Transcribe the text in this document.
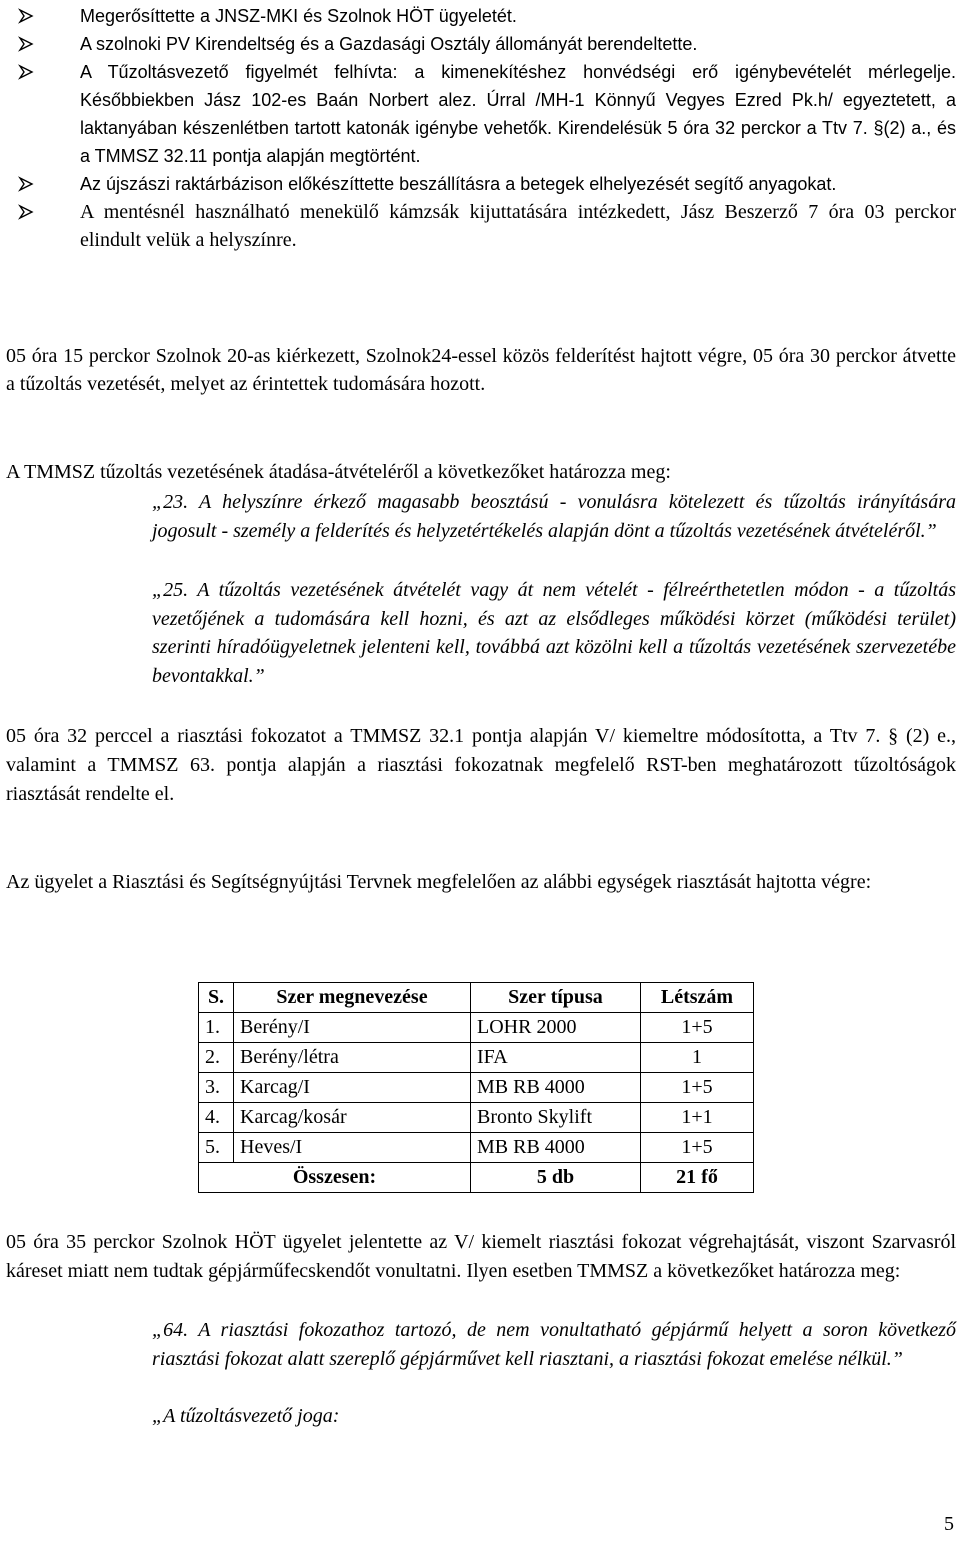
Megerősíttette a JNSZ-MKI és Szolnok HÖT ügyeletét.
A szolnoki PV Kirendeltség és a Gazdasági Osztály állományát berendeltette.
A Tűzoltásvezető figyelmét felhívta: a kimenekítéshez honvédségi erő igénybevételét mérlegelje. Későbbiekben Jász 102-es Baán Norbert alez. Úrral /MH-1 Könnyű Vegyes Ezred Pk.h/ egyeztetett, a laktanyában készenlétben tartott katonák igénybe vehetők. Kirendelésük 5 óra 32 perckor a Ttv 7. §(2) a., és a TMMSZ 32.11 pontja alapján megtörtént.
Az újszászi raktárbázison előkészíttette beszállításra a betegek elhelyezését segítő anyagokat.
A mentésnél használható menekülő kámzsák kijuttatására intézkedett, Jász Beszerző 7 óra 03 perckor elindult velük a helyszínre.

05 óra 15 perckor Szolnok 20-as kiérkezett, Szolnok24-essel közös felderítést hajtott végre, 05 óra 30 perckor átvette a tűzoltás vezetését, melyet az érintettek tudomására hozott.

A TMMSZ tűzoltás vezetésének átadása-átvételéről a következőket határozza meg:

„23. A helyszínre érkező magasabb beosztású - vonulásra kötelezett és tűzoltás irányítására jogosult - személy a felderítés és helyzetértékelés alapján dönt a tűzoltás vezetésének átvételéről.”

„25. A tűzoltás vezetésének átvételét vagy át nem vételét - félreérthetetlen módon - a tűzoltás vezetőjének a tudomására kell hozni, és azt az elsődleges működési körzet (működési terület) szerinti híradóügyeletnek jelenteni kell, továbbá azt közölni kell a tűzoltás vezetésének szervezetébe bevontakkal.”

05 óra 32 perccel a riasztási fokozatot a TMMSZ 32.1 pontja alapján V/ kiemeltre módosította, a Ttv 7. § (2) e., valamint a TMMSZ 63. pontja alapján a riasztási fokozatnak megfelelő RST-ben meghatározott tűzoltóságok riasztását rendelte el.

Az ügyelet a Riasztási és Segítségnyújtási Tervnek megfelelően az alábbi egységek riasztását hajtotta végre:

S.	Szer megnevezése	Szer típusa	Létszám
1.	Berény/I	LOHR 2000	1+5
2.	Berény/létra	IFA	1
3.	Karcag/I	MB RB 4000	1+5
4.	Karcag/kosár	Bronto Skylift	1+1
5.	Heves/I	MB RB 4000	1+5
Összesen:		5 db	21 fő

05 óra 35 perckor Szolnok HÖT ügyelet jelentette az V/ kiemelt riasztási fokozat végrehajtását, viszont Szarvasról káreset miatt nem tudtak gépjárműfecskendőt vonultatni. Ilyen esetben TMMSZ a következőket határozza meg:

„64. A riasztási fokozathoz tartozó, de nem vonultatható gépjármű helyett a soron következő riasztási fokozat alatt szereplő gépjárművet kell riasztani, a riasztási fokozat emelése nélkül.”

„A tűzoltásvezető joga:

5
